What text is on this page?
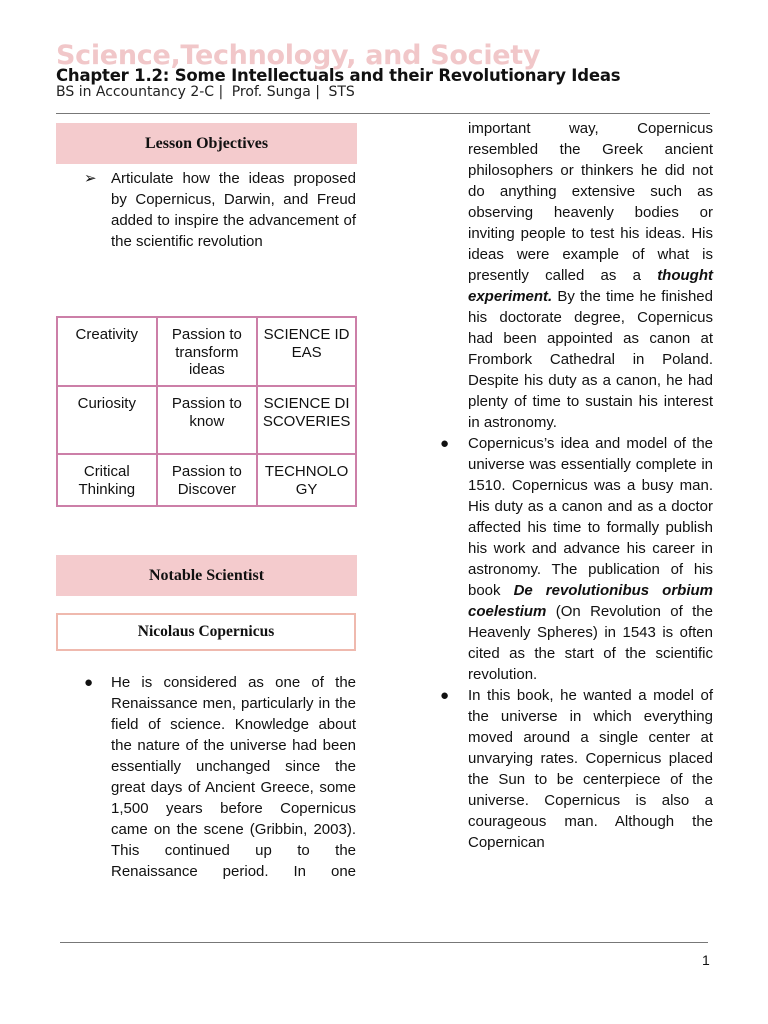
Science,Technology, and Society
Chapter 1.2: Some Intellectuals and their Revolutionary Ideas
BS in Accountancy 2-C | Prof. Sunga | STS
Lesson Objectives
➢ Articulate how the ideas proposed by Copernicus, Darwin, and Freud added to inspire the advancement of the scientific revolution
Creativity	Passion to transform ideas	SCIENCE IDEAS
Curiosity	Passion to know	SCIENCE DISCOVERIES
Critical Thinking	Passion to Discover	TECHNOLOGY
Notable Scientist
Nicolaus Copernicus
● He is considered as one of the Renaissance men, particularly in the field of science. Knowledge about the nature of the universe had been essentially unchanged since the great days of Ancient Greece, some 1,500 years before Copernicus came on the scene (Gribbin, 2003). This continued up to the Renaissance period. In one

important way, Copernicus resembled the Greek ancient philosophers or thinkers he did not do anything extensive such as observing heavenly bodies or inviting people to test his ideas. His ideas were example of what is presently called as a thought experiment. By the time he finished his doctorate degree, Copernicus had been appointed as canon at Frombork Cathedral in Poland. Despite his duty as a canon, he had plenty of time to sustain his interest in astronomy.

● Copernicus’s idea and model of the universe was essentially complete in 1510. Copernicus was a busy man. His duty as a canon and as a doctor affected his time to formally publish his work and advance his career in astronomy. The publication of his book De revolutionibus orbium coelestium (On Revolution of the Heavenly Spheres) in 1543 is often cited as the start of the scientific revolution.

● In this book, he wanted a model of the universe in which everything moved around a single center at unvarying rates. Copernicus placed the Sun to be centerpiece of the universe. Copernicus is also a courageous man. Although the Copernican

1
